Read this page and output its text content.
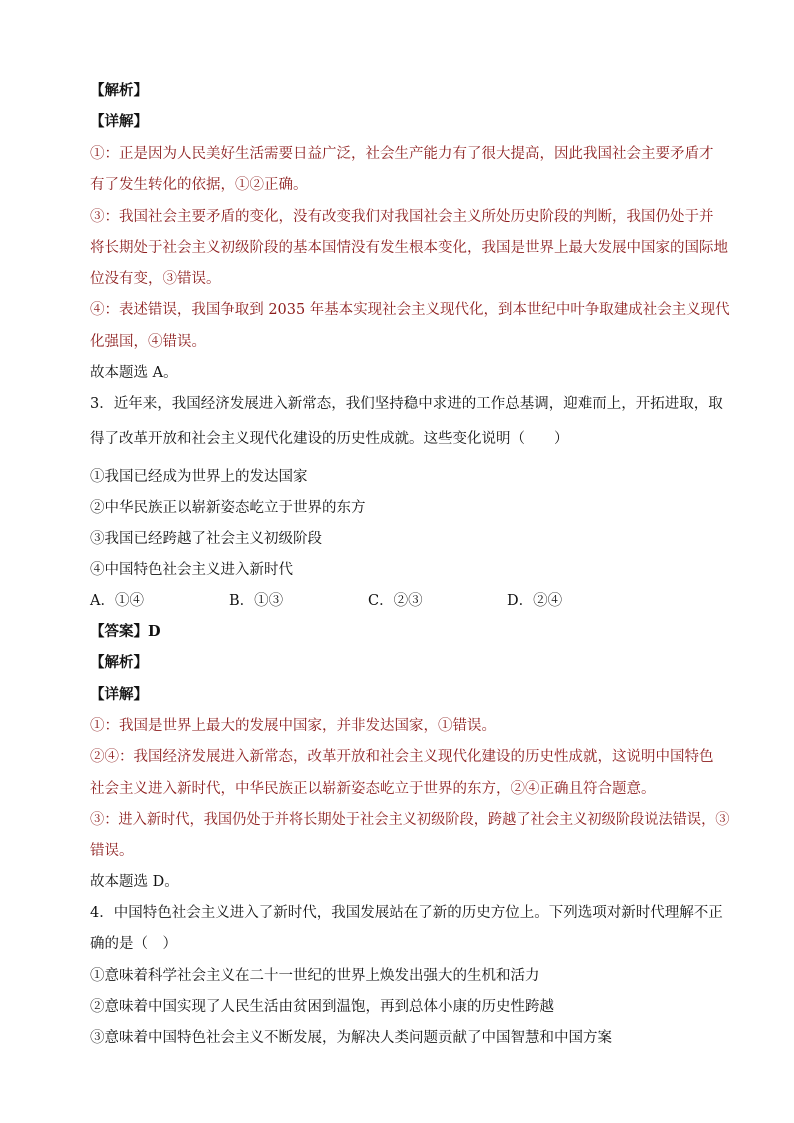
【解析】
【详解】
①：正是因为人民美好生活需要日益广泛，社会生产能力有了很大提高，因此我国社会主要矛盾才
有了发生转化的依据，①②正确。
③：我国社会主要矛盾的变化，没有改变我们对我国社会主义所处历史阶段的判断，我国仍处于并
将长期处于社会主义初级阶段的基本国情没有发生根本变化，我国是世界上最大发展中国家的国际地
位没有变，③错误。
④：表述错误，我国争取到 2035 年基本实现社会主义现代化，到本世纪中叶争取建成社会主义现代
化强国，④错误。
故本题选 A。
3．近年来，我国经济发展进入新常态，我们坚持稳中求进的工作总基调，迎难而上，开拓进取，取
得了改革开放和社会主义现代化建设的历史性成就。这些变化说明（　　）
①我国已经成为世界上的发达国家
②中华民族正以崭新姿态屹立于世界的东方
③我国已经跨越了社会主义初级阶段
④中国特色社会主义进入新时代
A．①④	B．①③	C．②③	D．②④
【答案】D
【解析】
【详解】
①：我国是世界上最大的发展中国家，并非发达国家，①错误。
②④：我国经济发展进入新常态，改革开放和社会主义现代化建设的历史性成就，这说明中国特色
社会主义进入新时代，中华民族正以崭新姿态屹立于世界的东方，②④正确且符合题意。
③：进入新时代，我国仍处于并将长期处于社会主义初级阶段，跨越了社会主义初级阶段说法错误，③
错误。
故本题选 D。
4．中国特色社会主义进入了新时代，我国发展站在了新的历史方位上。下列选项对新时代理解不正
确的是（　）
①意味着科学社会主义在二十一世纪的世界上焕发出强大的生机和活力
②意味着中国实现了人民生活由贫困到温饱，再到总体小康的历史性跨越
③意味着中国特色社会主义不断发展，为解决人类问题贡献了中国智慧和中国方案
